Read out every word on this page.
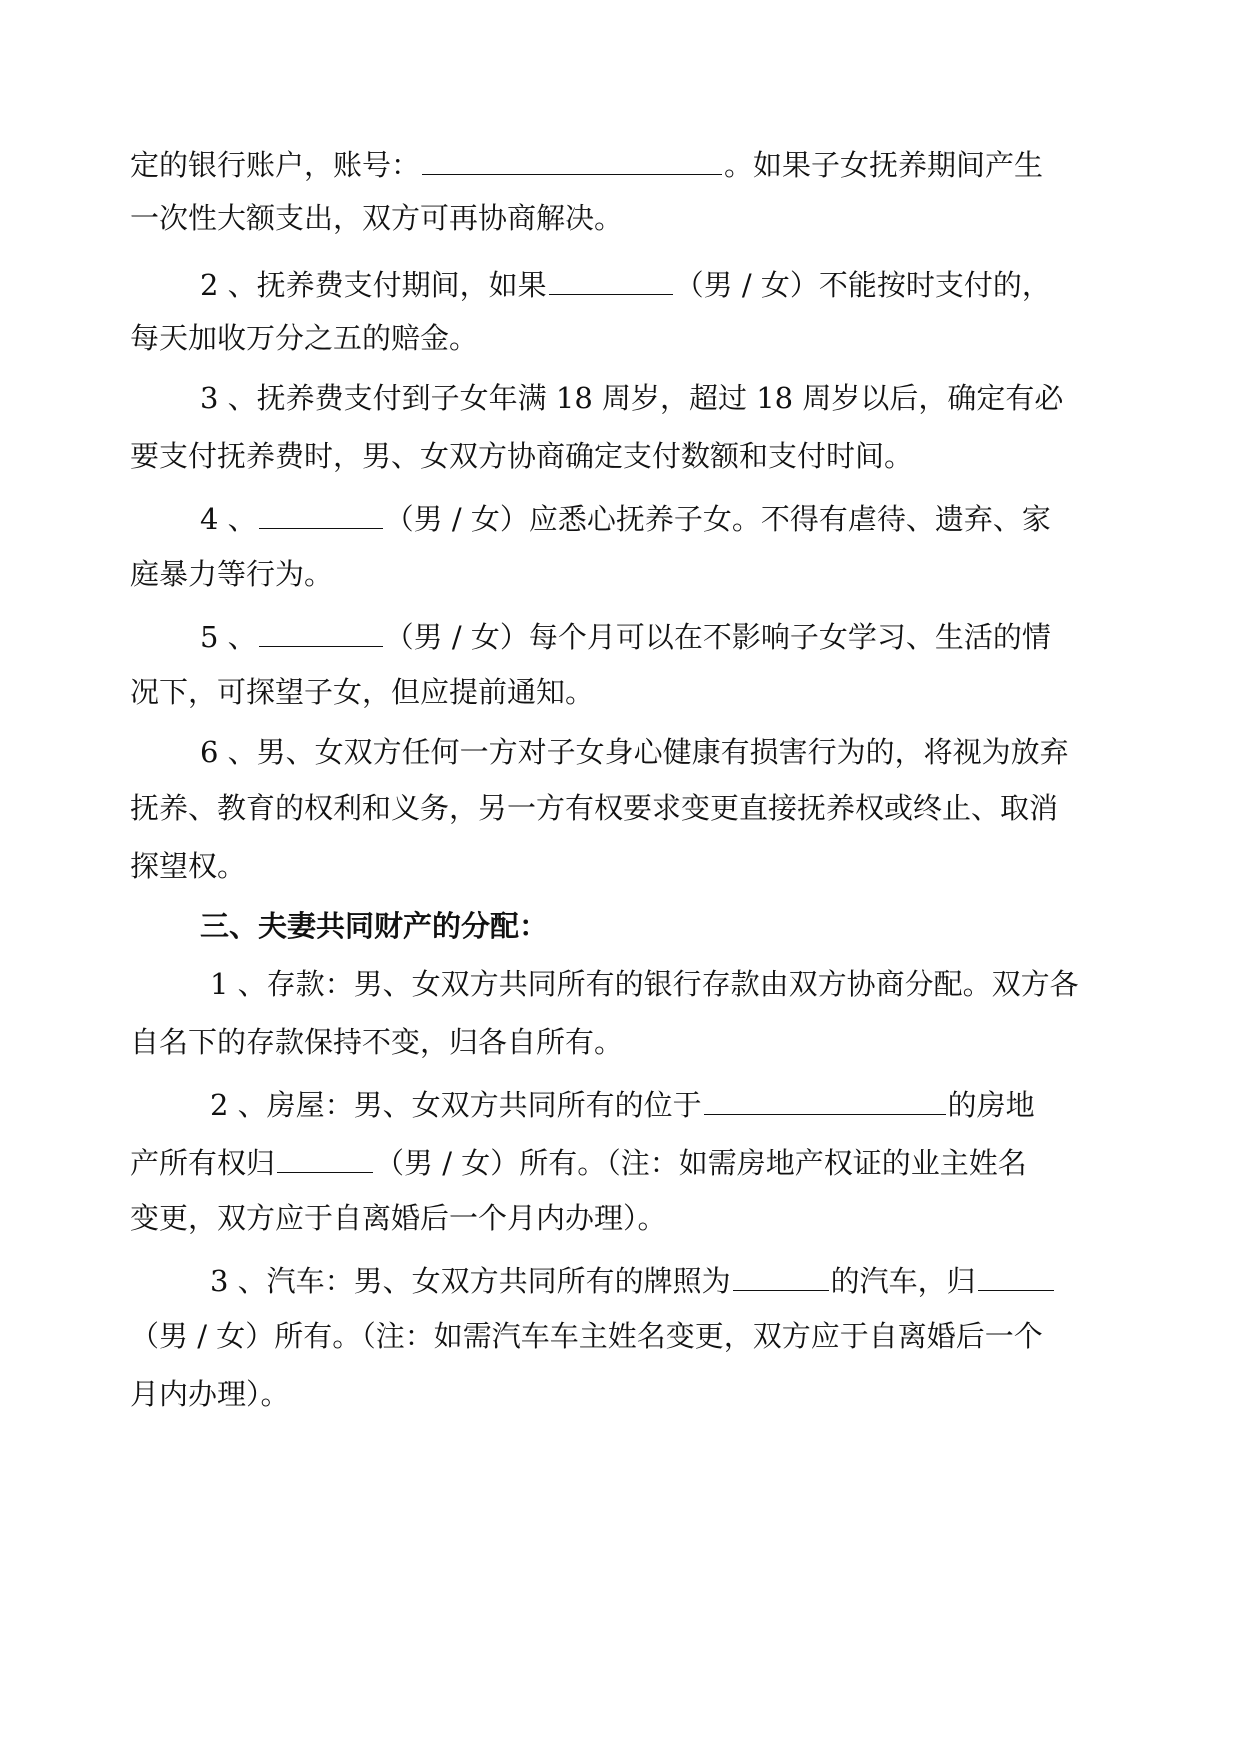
定的银行账户，账号：	。如果子女抚养期间产生
一次性大额支出，双方可再协商解决。
2 、抚养费支付期间，如果	（男 / 女）不能按时支付的，
每天加收万分之五的赔金。
3 、抚养费支付到子女年满 18 周岁，超过 18 周岁以后，确定有必
要支付抚养费时，男、女双方协商确定支付数额和支付时间。
4 、	（男 / 女）应悉心抚养子女。不得有虐待、遗弃、家
庭暴力等行为。
5 、	（男 / 女）每个月可以在不影响子女学习、生活的情
况下，可探望子女，但应提前通知。
6 、男、女双方任何一方对子女身心健康有损害行为的，将视为放弃
抚养、教育的权利和义务，另一方有权要求变更直接抚养权或终止、取消
探望权。
三、夫妻共同财产的分配：
1 、存款：男、女双方共同所有的银行存款由双方协商分配。双方各
自名下的存款保持不变，归各自所有。
2 、房屋：男、女双方共同所有的位于	的房地
产所有权归	（男 / 女）所有。（注：如需房地产权证的业主姓名
变更，双方应于自离婚后一个月内办理）。
3 、汽车：男、女双方共同所有的牌照为	的汽车，归
（男 / 女）所有。（注：如需汽车车主姓名变更，双方应于自离婚后一个
月内办理）。
